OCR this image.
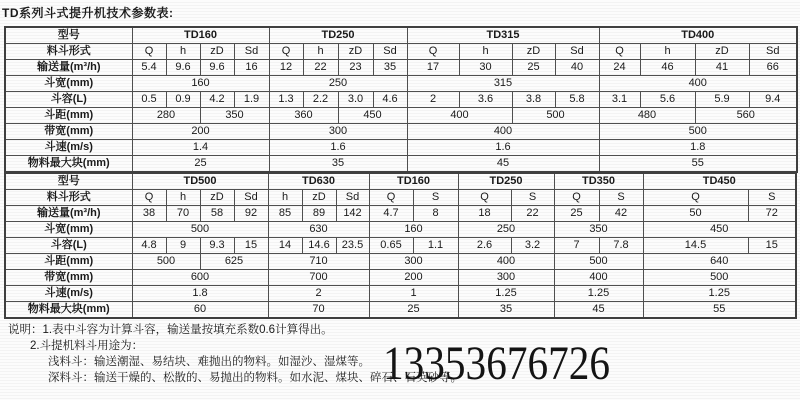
TD系列斗式提升机技术参数表:
型号	TD160				TD250				TD315				TD400			
料斗形式	Q	h	zD	Sd	Q	h	zD	Sd	Q	h	zD	Sd	Q	h	zD	Sd
输送量(m³/h)	5.4	9.6	9.6	16	12	22	23	35	17	30	25	40	24	46	41	66
斗宽(mm)	160				250				315				400			
斗容(L)	0.5	0.9	4.2	1.9	1.3	2.2	3.0	4.6	2	3.6	3.8	5.8	3.1	5.6	5.9	9.4
斗距(mm)	280		350		360		450		400		500		480		560	
带宽(mm)	200				300				400				500			
斗速(m/s)	1.4				1.6				1.6				1.8			
物料最大块(mm)	25				35				45				55			
型号	TD500				TD630			TD160		TD250		TD350		TD450	
料斗形式	Q	h	zD	Sd	h	zD	Sd	Q	S	Q	S	Q	S	Q	S
输送量(m³/h)	38	70	58	92	85	89	142	4.7	8	18	22	25	42	50	72
斗宽(mm)	500				630			160		250		350		450	
斗容(L)	4.8	9	9.3	15	14	14.6	23.5	0.65	1.1	2.6	3.2	7	7.8	14.5	15
斗距(mm)	500		625		710			300		400		500		640	
带宽(mm)	600				700			200		300		400		500	
斗速(m/s)	1.8				2			1		1.25		1.25		1.25	
物料最大块(mm)	60				70			25		35		45		55	
说明：1.表中斗容为计算斗容，输送量按填充系数0.6计算得出。
2.斗提机料斗用途为：
浅料斗：输送潮湿、易结块、难抛出的物料。如湿沙、湿煤等。
深料斗：输送干燥的、松散的、易抛出的物料。如水泥、煤块、碎石、石英砂等。
13353676726
